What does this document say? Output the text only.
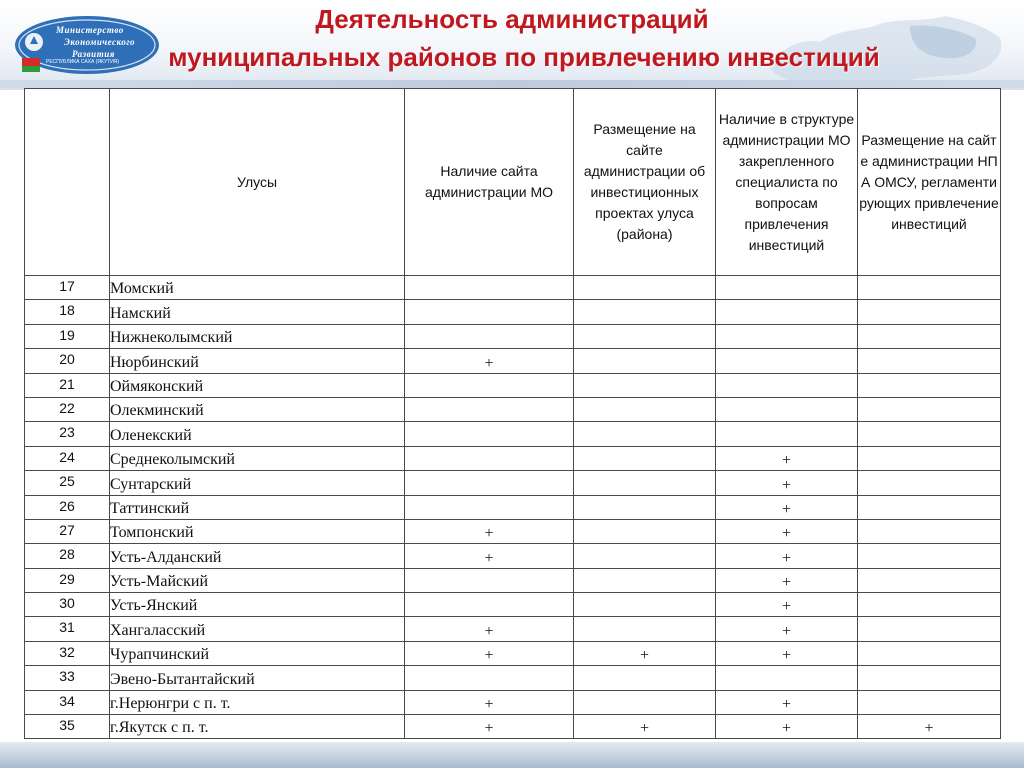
Министерство
Экономического
Развития
РЕСПУБЛИКА САХА (ЯКУТИЯ)
Деятельность администраций
муниципальных районов по привлечению инвестиций
	Улусы	Наличие сайта администрации МО	Размещение на сайте администрации об инвестиционных проектах улуса (района)	Наличие в структуре администрации МО закрепленного специалиста по вопросам привлечения инвестиций	Размещение на сайте администрации НПА ОМСУ, регламентирующих привлечение инвестиций
17	Момский				
18	Намский				
19	Нижнеколымский				
20	Нюрбинский	+			
21	Оймяконский				
22	Олекминский				
23	Оленекский				
24	Среднеколымский			+	
25	Сунтарский			+	
26	Таттинский			+	
27	Томпонский	+		+	
28	Усть-Алданский	+		+	
29	Усть-Майский			+	
30	Усть-Янский			+	
31	Хангаласский	+		+	
32	Чурапчинский	+	+	+	
33	Эвено-Бытантайский				
34	г.Нерюнгри с п. т.	+		+	
35	г.Якутск с п. т.	+	+	+	+
